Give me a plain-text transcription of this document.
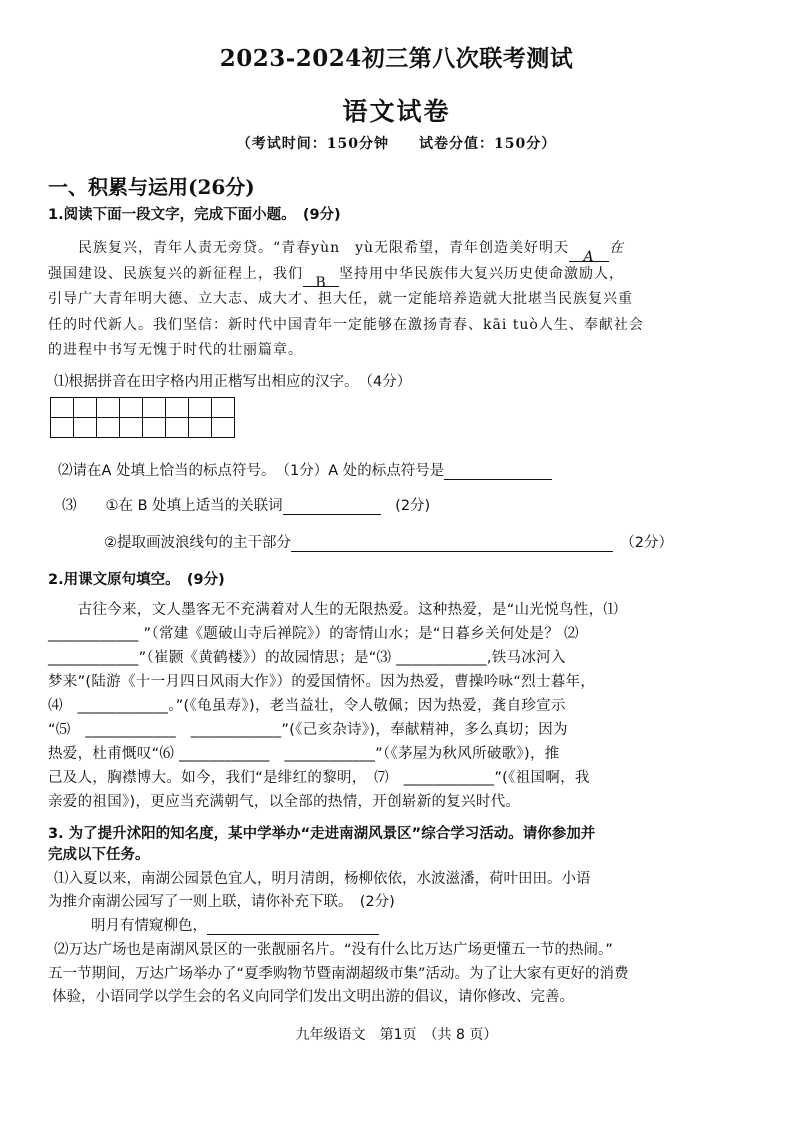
2023-2024初三第八次联考测试
语文试卷
（考试时间：150分钟　　试卷分值：150分）
一、积累与运用(26分)
1.阅读下面一段文字，完成下面小题。　(9分)
　　民族复兴，青年人责无旁贷。“青春yùn　yù无限希望，青年创造美好明天A在
强国建设、民族复兴的新征程上，我们B坚持用中华民族伟大复兴历史使命激励人，
引导广大青年明大德、立大志、成大才、担大任，就一定能培养造就大批堪当民族复兴重
任的时代新人。我们坚信：新时代中国青年一定能够在激扬青春、kāi tuò人生、奉献社会
的进程中书写无愧于时代的壮丽篇章。
⑴根据拼音在田字格内用正楷写出相应的汉字。　（4分）

⑵请在A 处填上恰当的标点符号。　（1分）A 处的标点符号是
⑶　　 ①在 B 处填上适当的关联词　	(2分)
②提取画波浪线句的主干部分　	（2分）
2.用课文原句填空。　(9分)
　　古往今来，文人墨客无不充满着对人生的无限热爱。这种热爱，是“山光悦鸟性，⑴
____________ ”（常建《题破山寺后禅院》）的寄情山水；是“日暮乡关何处是？ ⑵
____________”（崔颢《黄鹤楼》）的故园情思；是“⑶ ____________,铁马冰河入
梦来”(陆游《十一月四日风雨大作》）的爱国情怀。因为热爱，曹操吟咏“烈士暮年，
⑷　____________。”(《龟虽寿》)，老当益壮，令人敬佩；因为热爱，龚自珍宣示
“⑸　____________　____________”(《己亥杂诗》)，奉献精神，多么真切；因为
热爱，杜甫慨叹“⑹ ____________　____________”（《茅屋为秋风所破歌》)，推
己及人，胸襟博大。如今，我们“是绯红的黎明，　⑺　____________”(《祖国啊，我
亲爱的祖国》)，更应当充满朝气，以全部的热情，开创崭新的复兴时代。
3. 为了提升沭阳的知名度，某中学举办“走进南湖风景区”综合学习活动。请你参加并
完成以下任务。
⑴入夏以来，南湖公园景色宜人，明月清朗，杨柳依依，水波滋潘，荷叶田田。小语
为推介南湖公园写了一则上联，请你补充下联。　(2分)
　　明月有情窥柳色，
⑵万达广场也是南湖风景区的一张靓丽名片。“没有什么比万达广场更懂五一节的热闹。”
五一节期间，万达广场举办了“夏季购物节暨南湖超级市集”活动。为了让大家有更好的消费
体验，小语同学以学生会的名义向同学们发出文明出游的倡议，请你修改、完善。
九年级语文　第1页　（共 8 页）
